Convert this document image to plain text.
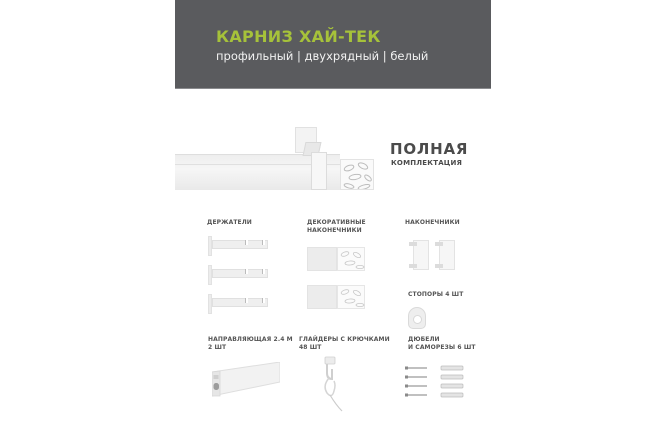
КАРНИЗ ХАЙ-ТЕК
профильный | двухрядный | белый
ПОЛНАЯ
КОМПЛЕКТАЦИЯ
ДЕРЖАТЕЛИ	ДЕКОРАТИВНЫЕ
НАКОНЕЧНИКИ
НАКОНЕЧНИКИ
СТОПОРЫ 4 ШТ
НАПРАВЛЯЮЩАЯ 2.4 М
2 ШТ
ГЛАЙДЕРЫ С КРЮЧКАМИ
48 ШТ
ДЮБЕЛИ
И САМОРЕЗЫ 6 ШТ
